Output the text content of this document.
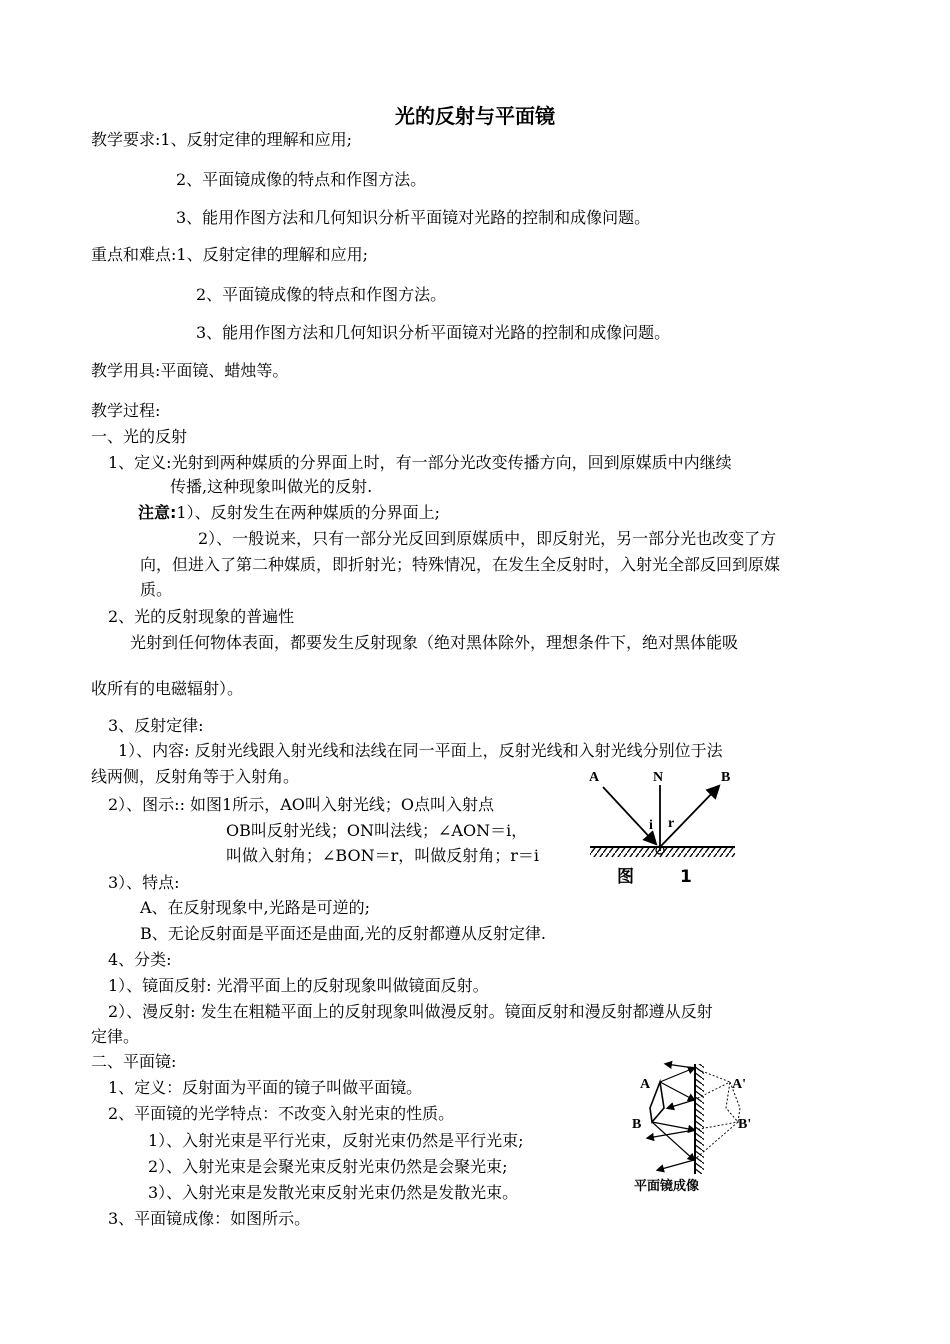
光的反射与平面镜
教学要求:1、反射定律的理解和应用;
2、平面镜成像的特点和作图方法。
3、能用作图方法和几何知识分析平面镜对光路的控制和成像问题。
重点和难点:1、反射定律的理解和应用;
2、平面镜成像的特点和作图方法。
3、能用作图方法和几何知识分析平面镜对光路的控制和成像问题。
教学用具:平面镜、蜡烛等。
教学过程:
一、光的反射
1、定义:光射到两种媒质的分界面上时，有一部分光改变传播方向，回到原媒质中内继续
传播,这种现象叫做光的反射.
注意:1）、反射发生在两种媒质的分界面上;
2）、一般说来，只有一部分光反回到原媒质中，即反射光，另一部分光也改变了方
向，但进入了第二种媒质，即折射光；特殊情况，在发生全反射时，入射光全部反回到原媒
质。
2、光的反射现象的普遍性
光射到任何物体表面，都要发生反射现象（绝对黑体除外，理想条件下，绝对黑体能吸
收所有的电磁辐射）。
3、反射定律:
1）、内容: 反射光线跟入射光线和法线在同一平面上，反射光线和入射光线分别位于法
线两侧，反射角等于入射角。
2）、图示:: 如图1所示，AO叫入射光线；O点叫入射点
OB叫反射光线；ON叫法线；∠AON＝i，
叫做入射角；∠BON＝r，叫做反射角；r＝i
3）、特点:
A、在反射现象中,光路是可逆的;
B、无论反射面是平面还是曲面,光的反射都遵从反射定律.
4、分类:
1）、镜面反射: 光滑平面上的反射现象叫做镜面反射。
2）、漫反射: 发生在粗糙平面上的反射现象叫做漫反射。镜面反射和漫反射都遵从反射
定律。
二、平面镜:
1、定义：反射面为平面的镜子叫做平面镜。
2、平面镜的光学特点：不改变入射光束的性质。
1）、入射光束是平行光束，反射光束仍然是平行光束;
2）、入射光束是会聚光束反射光束仍然是会聚光束;
3）、入射光束是发散光束反射光束仍然是发散光束。
3、平面镜成像：如图所示。
A	N	B
i r
图	1
A	A'
B	B'
平面镜成像
